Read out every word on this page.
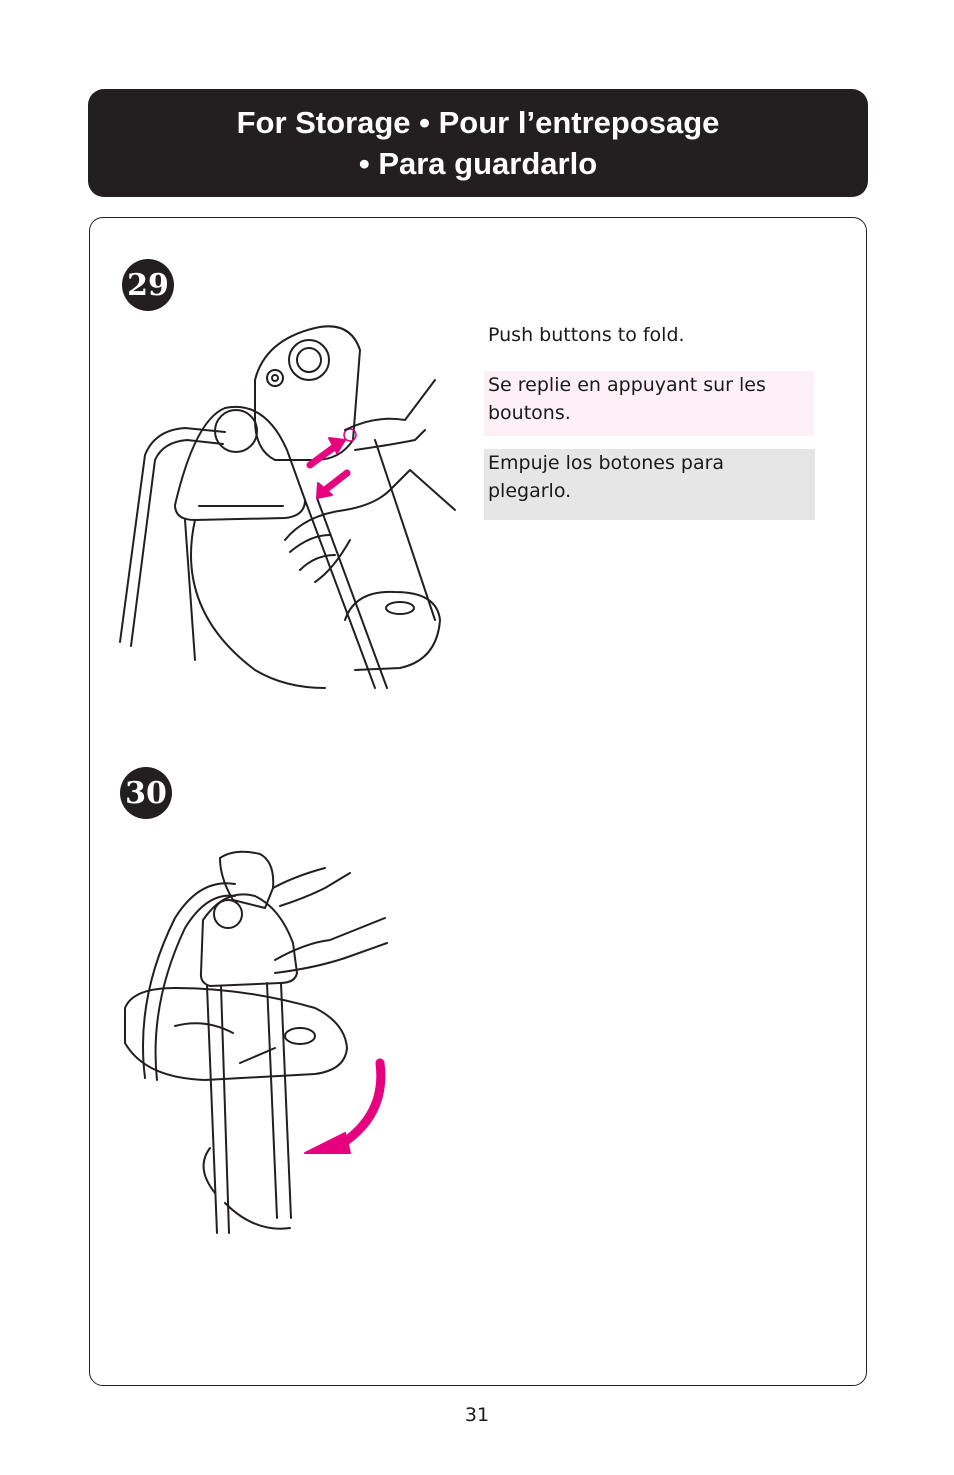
For Storage • Pour l’entreposage
• Para guardarlo
29
Push buttons to fold.
Se replie en appuyant sur les boutons.
Empuje los botones para plegarlo.
30
31
